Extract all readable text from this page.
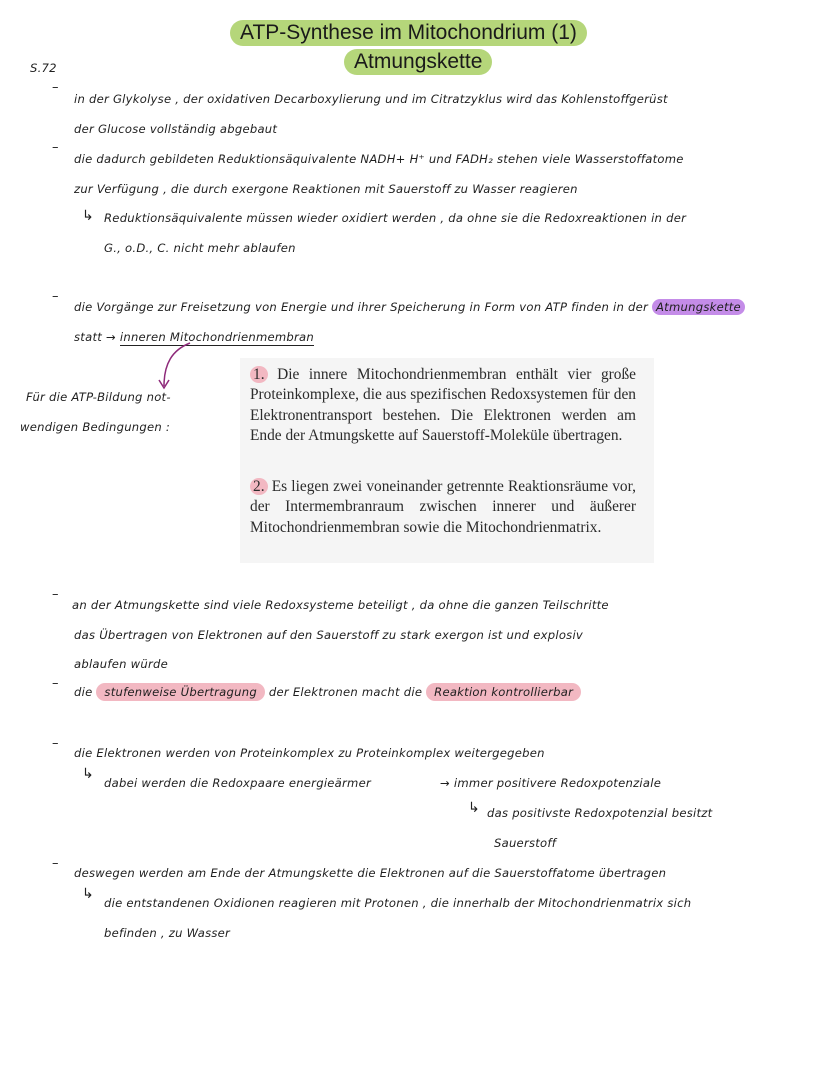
ATP-Synthese im Mitochondrium (1)
Atmungskette
S.72
–
in der Glykolyse , der oxidativen Decarboxylierung und im Citratzyklus wird das Kohlenstoffgerüst
der Glucose vollständig abgebaut
–
die dadurch gebildeten Reduktionsäquivalente NADH+ H⁺ und FADH₂ stehen viele Wasserstoffatome
zur Verfügung , die durch exergone Reaktionen mit Sauerstoff zu Wasser reagieren
↳ Reduktionsäquivalente müssen wieder oxidiert werden , da ohne sie die Redoxreaktionen in der
G., o.D., C. nicht mehr ablaufen
–
die Vorgänge zur Freisetzung von Energie und ihrer Speicherung in Form von ATP finden in der Atmungskette
statt → inneren Mitochondrienmembran
Für die ATP-Bildung not-
wendigen Bedingungen :

1. Die innere Mitochondrienmembran enthält vier große Proteinkomplexe, die aus spezifischen Redoxsystemen für den Elektronentransport bestehen. Die Elektronen werden am Ende der Atmungskette auf Sauerstoff-Moleküle übertragen.

2. Es liegen zwei voneinander getrennte Reaktionsräume vor, der Intermembranraum zwischen innerer und äußerer Mitochondrienmembran sowie die Mitochondrienmatrix.

–
an der Atmungskette sind viele Redoxsysteme beteiligt , da ohne die ganzen Teilschritte
das Übertragen von Elektronen auf den Sauerstoff zu stark exergon ist und explosiv
ablaufen würde
–
die stufenweise Übertragung der Elektronen macht die Reaktion kontrollierbar
–
die Elektronen werden von Proteinkomplex zu Proteinkomplex weitergegeben
↳
dabei werden die Redoxpaare energieärmer	→ immer positivere Redoxpotenziale
↳ das positivste Redoxpotenzial besitzt
Sauerstoff
–
deswegen werden am Ende der Atmungskette die Elektronen auf die Sauerstoffatome übertragen
↳
die entstandenen Oxidionen reagieren mit Protonen , die innerhalb der Mitochondrienmatrix sich
befinden , zu Wasser
